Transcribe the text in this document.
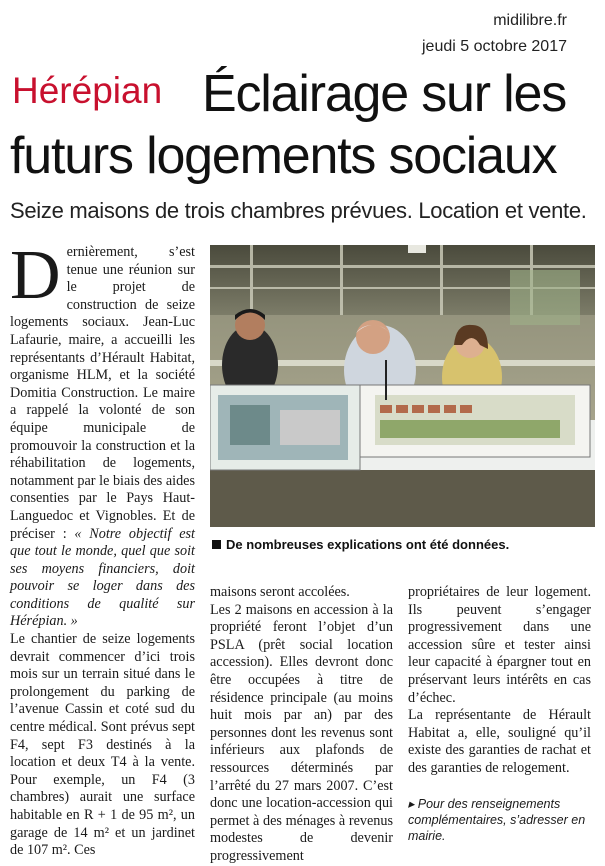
midilibre.fr
jeudi 5 octobre 2017
Hérépian Éclairage sur les
futurs logements sociaux
Seize maisons de trois chambres prévues. Location et vente.
D ernièrement, s’est tenue une réunion sur le projet de construction de seize logements sociaux. Jean-Luc Lafaurie, maire, a accueilli les représentants d’Hérault Habitat, organisme HLM, et la société Domitia Construction. Le maire a rappelé la volonté de son équipe municipale de promouvoir la construction et la réhabilitation de logements, notamment par le biais des aides consenties par le Pays Haut-Languedoc et Vignobles. Et de préciser : « Notre objectif est que tout le monde, quel que soit ses moyens financiers, doit pouvoir se loger dans des conditions de qualité sur Hérépian. »

Le chantier de seize logements devrait commencer d’ici trois mois sur un terrain situé dans le prolongement du parking de l’avenue Cassin et coté sud du centre médical. Sont prévus sept F4, sept F3 destinés à la location et deux T4 à la vente. Pour exemple, un F4 (3 chambres) aurait une surface habitable en R + 1 de 95 m², un garage de 14 m² et un jardinet de 107 m². Ces

De nombreuses explications ont été données.

maisons seront accolées.

Les 2 maisons en accession à la propriété feront l’objet d’un PSLA (prêt social location accession). Elles devront donc être occupées à titre de résidence principale (au moins huit mois par an) par des personnes dont les revenus sont inférieurs aux plafonds de ressources déterminés par l’arrêté du 27 mars 2007. C’est donc une location-accession qui permet à des ménages à revenus modestes de devenir progressivement

propriétaires de leur logement. Ils peuvent s’engager progressivement dans une accession sûre et tester ainsi leur capacité à épargner tout en préservant leurs intérêts en cas d’échec.

La représentante de Hérault Habitat a, elle, souligné qu’il existe des garanties de rachat et des garanties de relogement.

▸ Pour des renseignements complémentaires, s’adresser en mairie.
